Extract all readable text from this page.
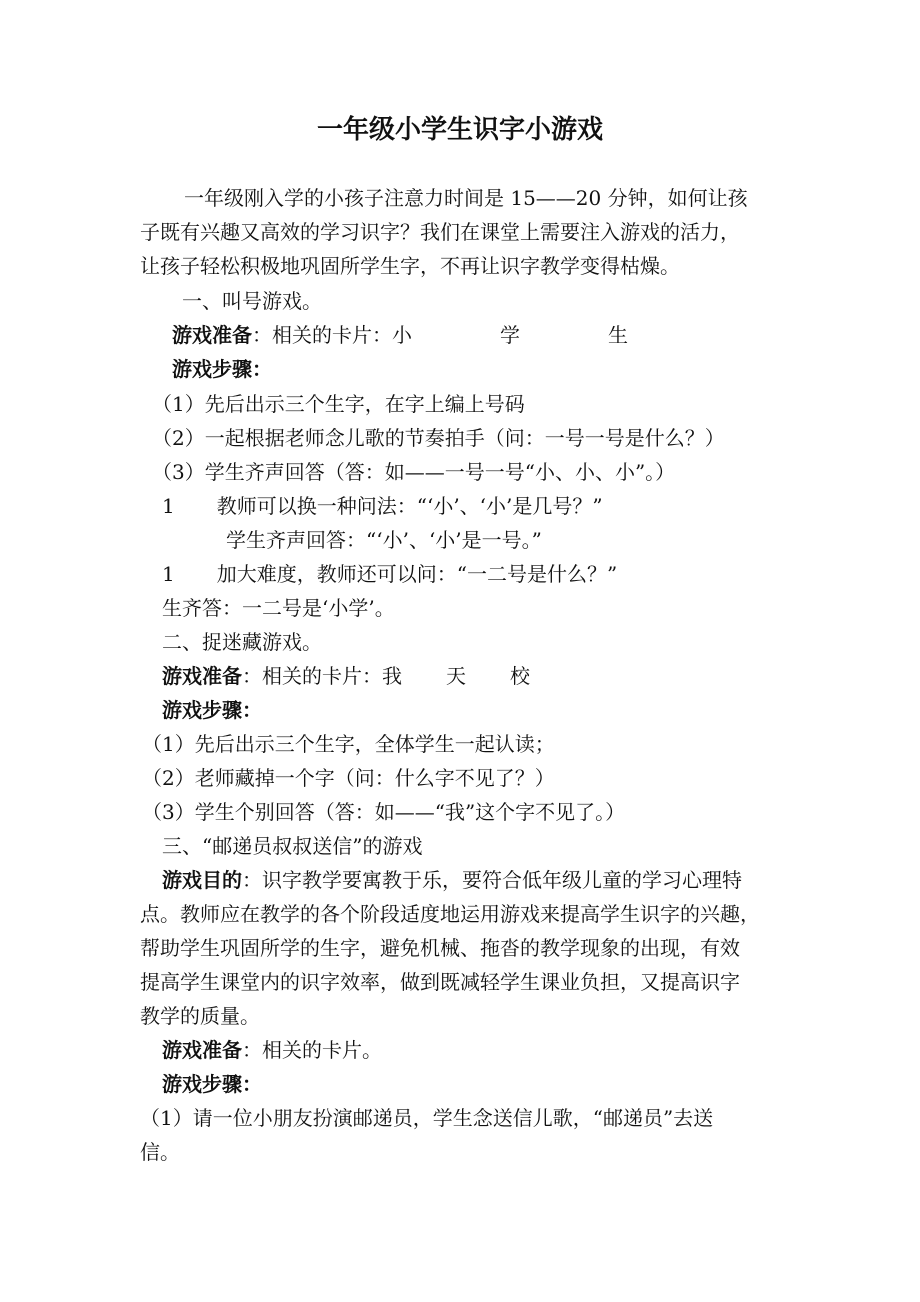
一年级小学生识字小游戏

一年级刚入学的小孩子注意力时间是 15——20 分钟，如何让孩

子既有兴趣又高效的学习识字？我们在课堂上需要注入游戏的活力，

让孩子轻松积极地巩固所学生字，不再让识字教学变得枯燥。

一、叫号游戏。

游戏准备：相关的卡片：小	学	生

游戏步骤：

（1）先后出示三个生字，在字上编上号码

（2）一起根据老师念儿歌的节奏拍手（问：一号一号是什么？）

（3）学生齐声回答（答：如——一号一号“小、小、小”。）

1 教师可以换一种问法：“‘小’、‘小’是几号？”

学生齐声回答：“‘小’、‘小’是一号。”

1 加大难度，教师还可以问：“一二号是什么？”

生齐答：一二号是‘小学’。

二、捉迷藏游戏。

游戏准备：相关的卡片：我 天 校

游戏步骤：

（1）先后出示三个生字，全体学生一起认读；

（2）老师藏掉一个字（问：什么字不见了？）

（3）学生个别回答（答：如——“我”这个字不见了。）

三、“邮递员叔叔送信”的游戏

游戏目的：识字教学要寓教于乐，要符合低年级儿童的学习心理特

点。教师应在教学的各个阶段适度地运用游戏来提高学生识字的兴趣，

帮助学生巩固所学的生字，避免机械、拖沓的教学现象的出现，有效

提高学生课堂内的识字效率，做到既减轻学生课业负担，又提高识字

教学的质量。

游戏准备：相关的卡片。

游戏步骤：

（1）请一位小朋友扮演邮递员，学生念送信儿歌，“邮递员”去送

信。
